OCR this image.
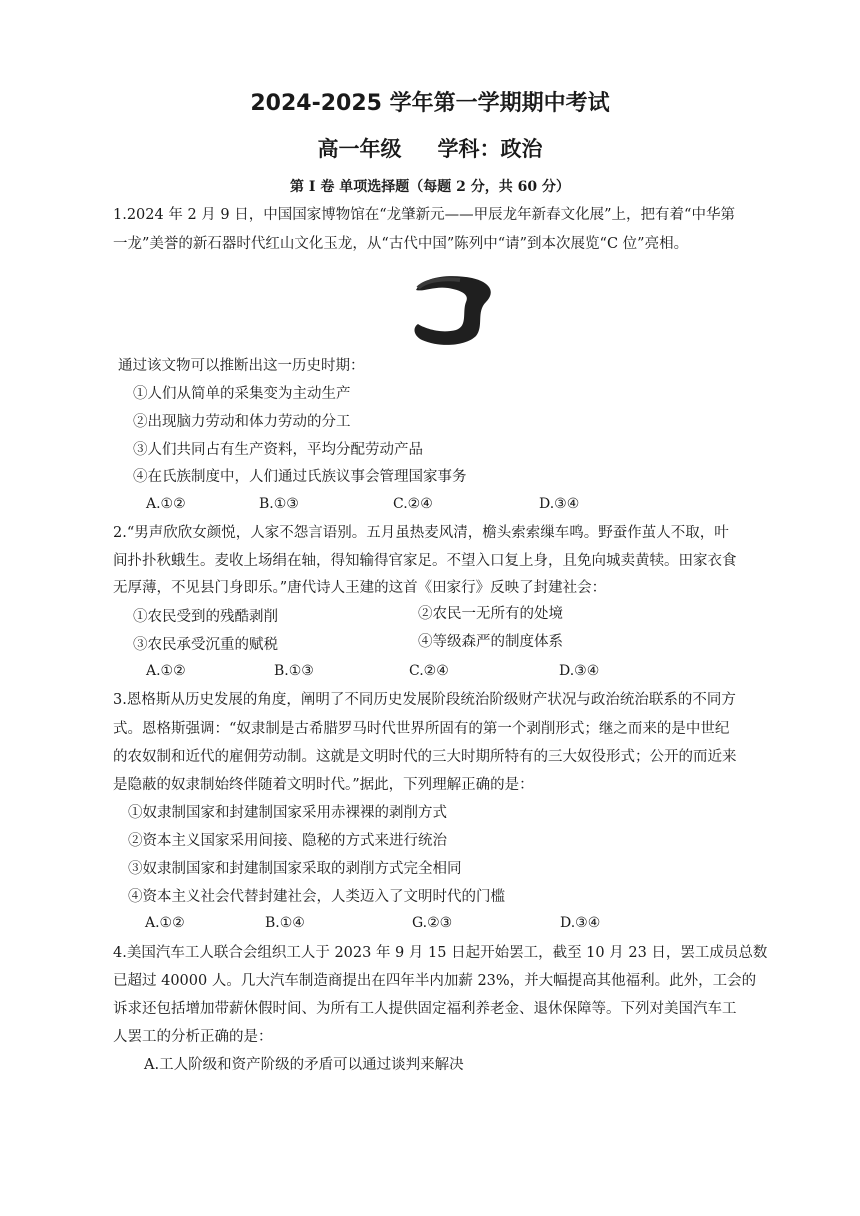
2024-2025 学年第一学期期中考试
高一年级 学科：政治
第 I 卷 单项选择题（每题 2 分，共 60 分）
1.2024 年 2 月 9 日，中国国家博物馆在“龙肇新元——甲辰龙年新春文化展”上，把有着“中华第
一龙”美誉的新石器时代红山文化玉龙，从“古代中国”陈列中“请”到本次展览“C 位”亮相。
通过该文物可以推断出这一历史时期：
①人们从简单的采集变为主动生产
②出现脑力劳动和体力劳动的分工
③人们共同占有生产资料，平均分配劳动产品
④在氏族制度中，人们通过氏族议事会管理国家事务
A.①②	B.①③	C.②④	D.③④
2.“男声欣欣女颜悦，人家不怨言语别。五月虽热麦风清，檐头索索缫车鸣。野蚕作茧人不取，叶
间扑扑秋蛾生。麦收上场绢在轴，得知输得官家足。不望入口复上身，且免向城卖黄犊。田家衣食
无厚薄，不见县门身即乐。”唐代诗人王建的这首《田家行》反映了封建社会：
①农民受到的残酷剥削	②农民一无所有的处境
③农民承受沉重的赋税	④等级森严的制度体系
A.①②	B.①③	C.②④	D.③④
3.恩格斯从历史发展的角度，阐明了不同历史发展阶段统治阶级财产状况与政治统治联系的不同方
式。恩格斯强调：“奴隶制是古希腊罗马时代世界所固有的第一个剥削形式；继之而来的是中世纪
的农奴制和近代的雇佣劳动制。这就是文明时代的三大时期所特有的三大奴役形式；公开的而近来
是隐蔽的奴隶制始终伴随着文明时代。”据此，下列理解正确的是：
①奴隶制国家和封建制国家采用赤裸裸的剥削方式
②资本主义国家采用间接、隐秘的方式来进行统治
③奴隶制国家和封建制国家采取的剥削方式完全相同
④资本主义社会代替封建社会，人类迈入了文明时代的门槛
A.①②	B.①④	G.②③	D.③④
4.美国汽车工人联合会组织工人于 2023 年 9 月 15 日起开始罢工，截至 10 月 23 日，罢工成员总数
已超过 40000 人。几大汽车制造商提出在四年半内加薪 23%，并大幅提高其他福利。此外，工会的
诉求还包括增加带薪休假时间、为所有工人提供固定福利养老金、退休保障等。下列对美国汽车工
人罢工的分析正确的是：
A.工人阶级和资产阶级的矛盾可以通过谈判来解决
